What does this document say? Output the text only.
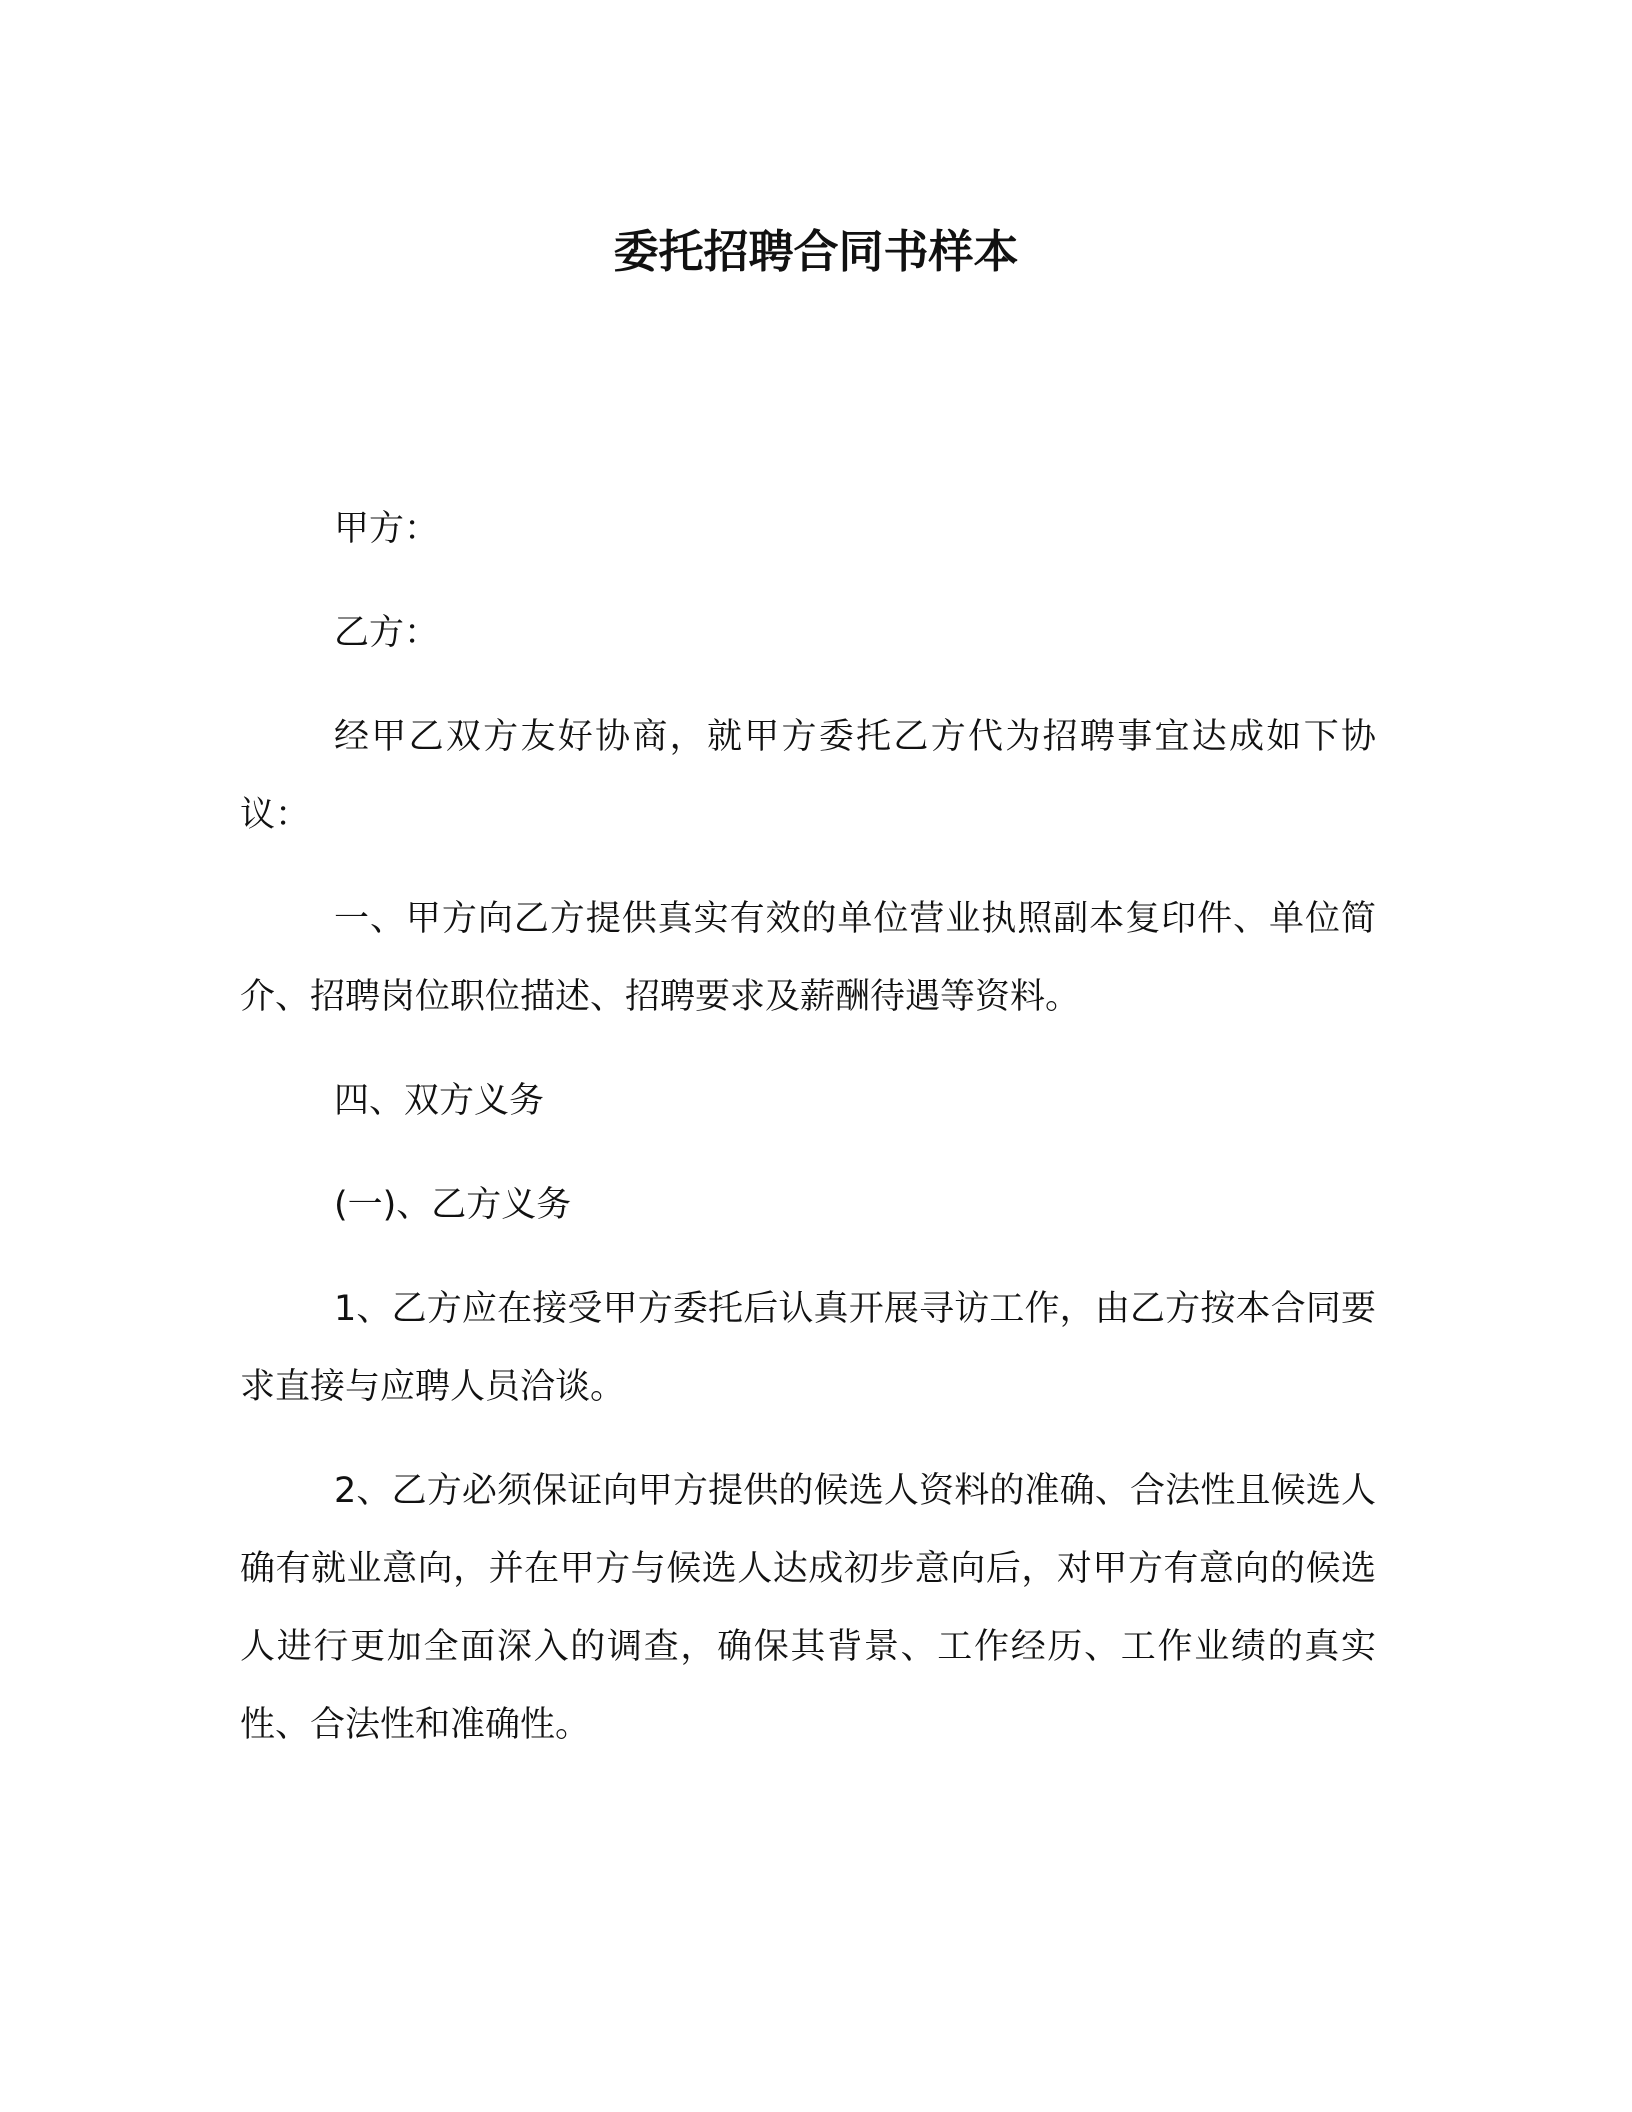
委托招聘合同书样本

甲方：

乙方：

经甲乙双方友好协商，就甲方委托乙方代为招聘事宜达成如下协议：

一、甲方向乙方提供真实有效的单位营业执照副本复印件、单位简介、招聘岗位职位描述、招聘要求及薪酬待遇等资料。

四、双方义务

(一)、乙方义务

1、乙方应在接受甲方委托后认真开展寻访工作，由乙方按本合同要求直接与应聘人员洽谈。

2、乙方必须保证向甲方提供的候选人资料的准确、合法性且候选人确有就业意向，并在甲方与候选人达成初步意向后，对甲方有意向的候选人进行更加全面深入的调查，确保其背景、工作经历、工作业绩的真实性、合法性和准确性。
